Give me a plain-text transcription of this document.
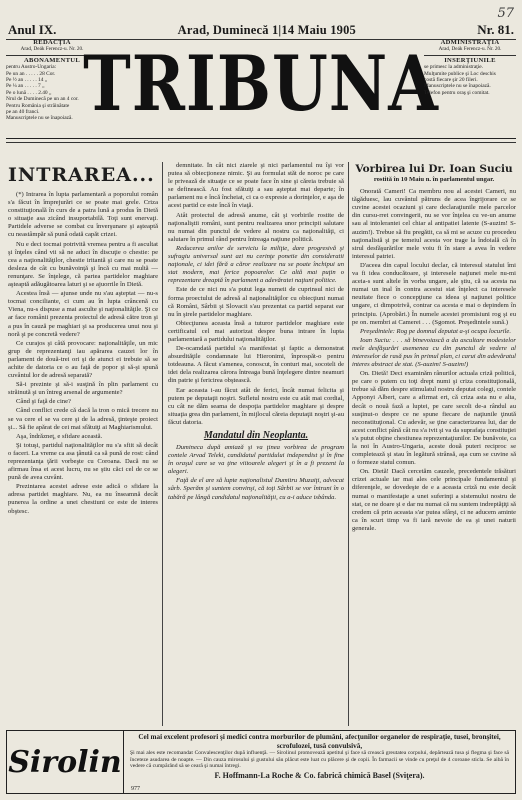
57
Anul IX.	Arad, Duminecă 1|14 Maiu 1905	Nr. 81.
REDACŢIA
Arad, Deák Ferencz-u. Nr. 20.
ABONAMENTUL
pentru Austro-Ungaria:
Pe un an . . . . . 28 Cor.
Pe ½ an . . . . . 14 „
Pe ¼ an . . . . . 7 „
Pe o lună . . . . 2.40 „
Nrul de Duminecă pe un an 4 cor.
Pentru România şi străinătate
pe an 40 franci.
Manuscriptele nu se înapoiază. TRIBUNA ADMINISTRAŢIA
Arad, Deák Ferencz-u. Nr. 20.
INSERŢIUNILE
se primesc la administraţie.
Mulţumite publice şi Loc deschis
costă fiecare şir 20 fileri.
Manuscriptele nu se înapoiază.
Telefon pentru oraş şi comitat.
INTRAREA...

(*) Intrarea în lupta parlamentară a poporului român s'a făcut în împrejurări ce se poate mai grele. Criza constituţională în curs de a patra lună a produs în Dietă o situaţie asa zicând insuportabilă. Toţi sunt enervaţi. Partidele adverse se combat cu înverşunare şi aşteaptă cu neastâmpăr să punâ odată capăt crizei.

Nu e deci tocmai potrivită vremea pentru a fi ascultat şi înţeles când vii să ne aduci în discuţie o chestie: pe cea a naţionalităţilor, chestie iritantă şi care nu se poate desleza de cât cu bunăvoinţă şi încă cu mai multă — renunţare. Se înţelege, că partea partidelor maghiare aşteaptă adăugătoarea laturi şi se ajuorrile în Dietă.

Acestea însă — ajunse unde nu s'au aşteptat — nu-s tocmai conciliante, ci cum au în lupta crâncenă cu Viena, nu-s dispuse a mai asculte şi naţionalităţile. Şi ce ar face românii prezenta proiectul de adresă către tron şi a pus în cauză pe maghiari şi sa producerea unui nou şi noră şi pe concretă vedere?

Ce curajos şi câtă provocare: naţionalităţile, un mic grup de reprezentanţi iau apărarea cauzei lor în parlament de două-trei ori şi de atunci ei trebuie să se achite de datoria ce o au faţă de popor şi să-şi spună cuvântul lor de adresă separată?

Să-i prezinte şi să-i susţină în plin parlament cu străinută şi un întreg arsenal de argumente?

Când şi faţă de cine?

Când conflict crede că dacă la tron o mică trecere nu se va cere el se va cere şi de la adresă, ţinteşte proiect şi... Să fie apărat de cei mai sfătuiţi ai Maghiarismului.

Aşa, îndrăzneţ, e sfidare această.

Şi totuşi, partidul naţionalităţilor nu s'a sfiit să decât o faceri. La vreme ca asa ţânută ca să pună de rost: când reprezentanţa ţării vorbeşte cu Coroana. Dacă nu se afirmau însa ei acest lucru, nu se ştiu căci cel de ce se pună de avea cuvânt.

Prezintarea acestei adrese este adică o sfidare la adresa partidei maghiare. Nu, ea nu înseamnă decât punerea la ordine a unei chestiuni ce este de interes obştesc.

demnitate. În cât nici ziarele şi nici parlamentul nu îşi vor putea să obiecţioneze nimic. Şi au formulat stăt de noroc pe care le privează de situaţie ce se poate face în sine şi căreia trebuie să se definească. Au fost sfătuiţi a sau aşteptat mai departe; în parlament nu e încă încheiat, ci ca o expresie a dorinţelor, e aşa de acest partid ce este încă în viaţă.

Atât proiectul de adresă anume, cât şi vorbirile rostite de naţionaliştii români, sunt pentru realizarea unor principii salutare nu numai din punctul de vedere al nostru ca naţionalităţi, ci salutare în primul rând pentru întreaga naţiune politică.

Reducerea anilor de serviciu la miliţie, dare progresivă şi sufragiu universal sunt azi nu cerinţe ponetie din consideratii naţionale, ci idei fără a căror realizare nu se poate închipui un stat modern, mai ferice popoarelor. Ce altă mai puţin o reprezentare dreaptă în parlament a adevăratei naţiuni politice.

Este de ce nici nu s'a putut lega numeii de cuprinsul nici de forma proectului de adresă al naţionalităţilor cu obiecţiuni numai că Români, Sârbii şi Slovacii s'au prezentat ca partid separat ear nu în şirele partidelor maghiare.

Obiecţiunea aceasta însă a tuturor partidelor maghiare este certificatul cel mai autorizat despre buna intrare în lupta parlamentară a partidului naţionalităţilor.

De-ocamdată partidul s'a manifestat şi faptic a demonstrat absurdităţile condamnate lui Hieronimi, înprospăt-o pentru totdeauna. A făcut s'amenea, conoscut, în conturi mai, socoteli de idei dela realizarea cărora întreaga bună înţelegere dintre neamuri din patrie şi fericirea obştească.

Ear aceasta i-au făcut atât de ferici, încât numai felicita şi putem pe deputaţii noştri. Sufletul nostru este cu atât mai cordial, cu cât ne dăm seama de despoţia partidelor maghiare şi despre situaţia grea din parlament, în mijlocul căreia deputaţii noştri şi-au făcut datoria.

Mandatul din Neoplanta.

Dumineca după amiază şi va ţinea vorbirea de program contele Arvad Teleki, candidatul partidului independist şi în fine în oraşul care se va ţine viitoarele alegeri şi în a fi prezent la alegeri.

Faţă de el are să lupte naţionalistul Dumitru Muzaiţi, advocat sârb. Sperăm şi suntem convinşi, că toţi Sârbii se vor întruni în o tabără pe lângă candidatul naţionalităţii, cu a-i aduce isbânda.

Vorbirea lui Dr. Ioan Suciu
rostită în 10 Maiu n. în parlamentul ungar.

Onorată Cameri! Ca membru nou al acestei Cameri, nu tăgăduesc, lau cuvântul pătruns de acea îngrijorare ce se cuvine acestei ocaziuni şi care declaraţiunile mele parcelor din cursu-rret convingerii, nu se vor înţelea cu ve-un anume sau al intolerantei cel chiar al antipatiei latente (S-auzim! S-auzim!). Trebue să fiu pregătit, ca să mi se acuze cu procedeu naţionalistă şi pe temeiul acesta vor trage la îndoială că în sirul desfăşurărilor mele voiu fi în stare a avea în vedere interesul patriei.

D'aceea din capul locului declar, că interesul statului îmi va fi idea conducătoare, şi interesele naţiunei mele nu-mi aceia-s sunt altele în vorba ungare, ale ştiu, că sa acesta na numai un inal în contra acestui stat înţelect ca interesele neuitate fiece o concepţiune ca ideea şi naţiunei politice ungare, ci dimpotrivă, contrar ca acesta e mai o depindem în principiu. (Aprobări.) În numele acestei promisiuni rog şi eu pe on. membri ai Camerei . . . (Sgomot. Preşedintele sună.)

Preşedintele: Rog pe domnul deputat a-şi ocupa locurile.

Ioan Suciu: . . . să binevoiască a da ascultare modestelor mele desfăşurări asemenea cu din punctul de vedere al intereselor de rasă pus în primul plan, ci carui din adevăratul interes abstract de stat. (S-auzim! S-auzim!)

On. Dietă! Deci examinăm rânurilor actuala criză politică, pe care o putem cu toţi drept numi şi criza constituţională, trebue să dăm despre stimulatul nostru deputat colegi, contele Apponyi Albert, care a afirmat ert, că criza asta nu e alta, decât o nouă fază a luptei, pe care secoli de-a rândul au susţinut-o despre ce ne spune fiecare de naţiunile ţinută neconstituţional. Cu adevăr, se ţine caracterizarea lui, dar de acest conflict până cât nu s'a ivit şi va da suprafaţa constituţiei s'a putut obţine chestiunea reprezentaţiunilor. De bunăvoie, ca la noi în Austro-Ungaria, aceste două puteri reciproc se completează şi stau în legătură strânsă, aşa cum se cuvine să o formeze statul comun.

On. Dietă! Dacă cercetăm cauzele, precedentele trăsături crizei actuale iar mai ales cele principale fundamentul şi diferenţele, se dovedeşte de e a aceasta criză nu este decât numai o manifestaţie a unei suferinţi a sistemului nostru de stat, ce ne doare şi e dar nu numai că nu suntem indreptăţiţi să credem că prin aceasta s'ar putea sfârşi, ci ne aducem aminte ca în scurt timp va fi iară nevoie de ea şi unei naturii generale.

Sirolin
Cel mai excelent profesori şi medici contra morburilor de plumâni, afecţunilor organelor de respiraţie, tusei, bronşitei, scrofulozei, tusă convulsivă,
Şi mai ales este recomandat Convalescenţilor după influenţă. — Sirolinul promovează apetitul şi face să crească greutatea corpului, depărtează tusa şi flegma şi face să înceteze asudarea de noapte. — Din cauza mirosului şi gustului său plăcut este luat cu plăcere şi de copii. În farmacii se vinde cu preţul de 4 coroane sticla. Se aibă în vedere că cumpărând să se ceară şi numai întregi.
F. Hoffmann-La Roche & Co. fabrică chimică Basel (Sviţera).
977
